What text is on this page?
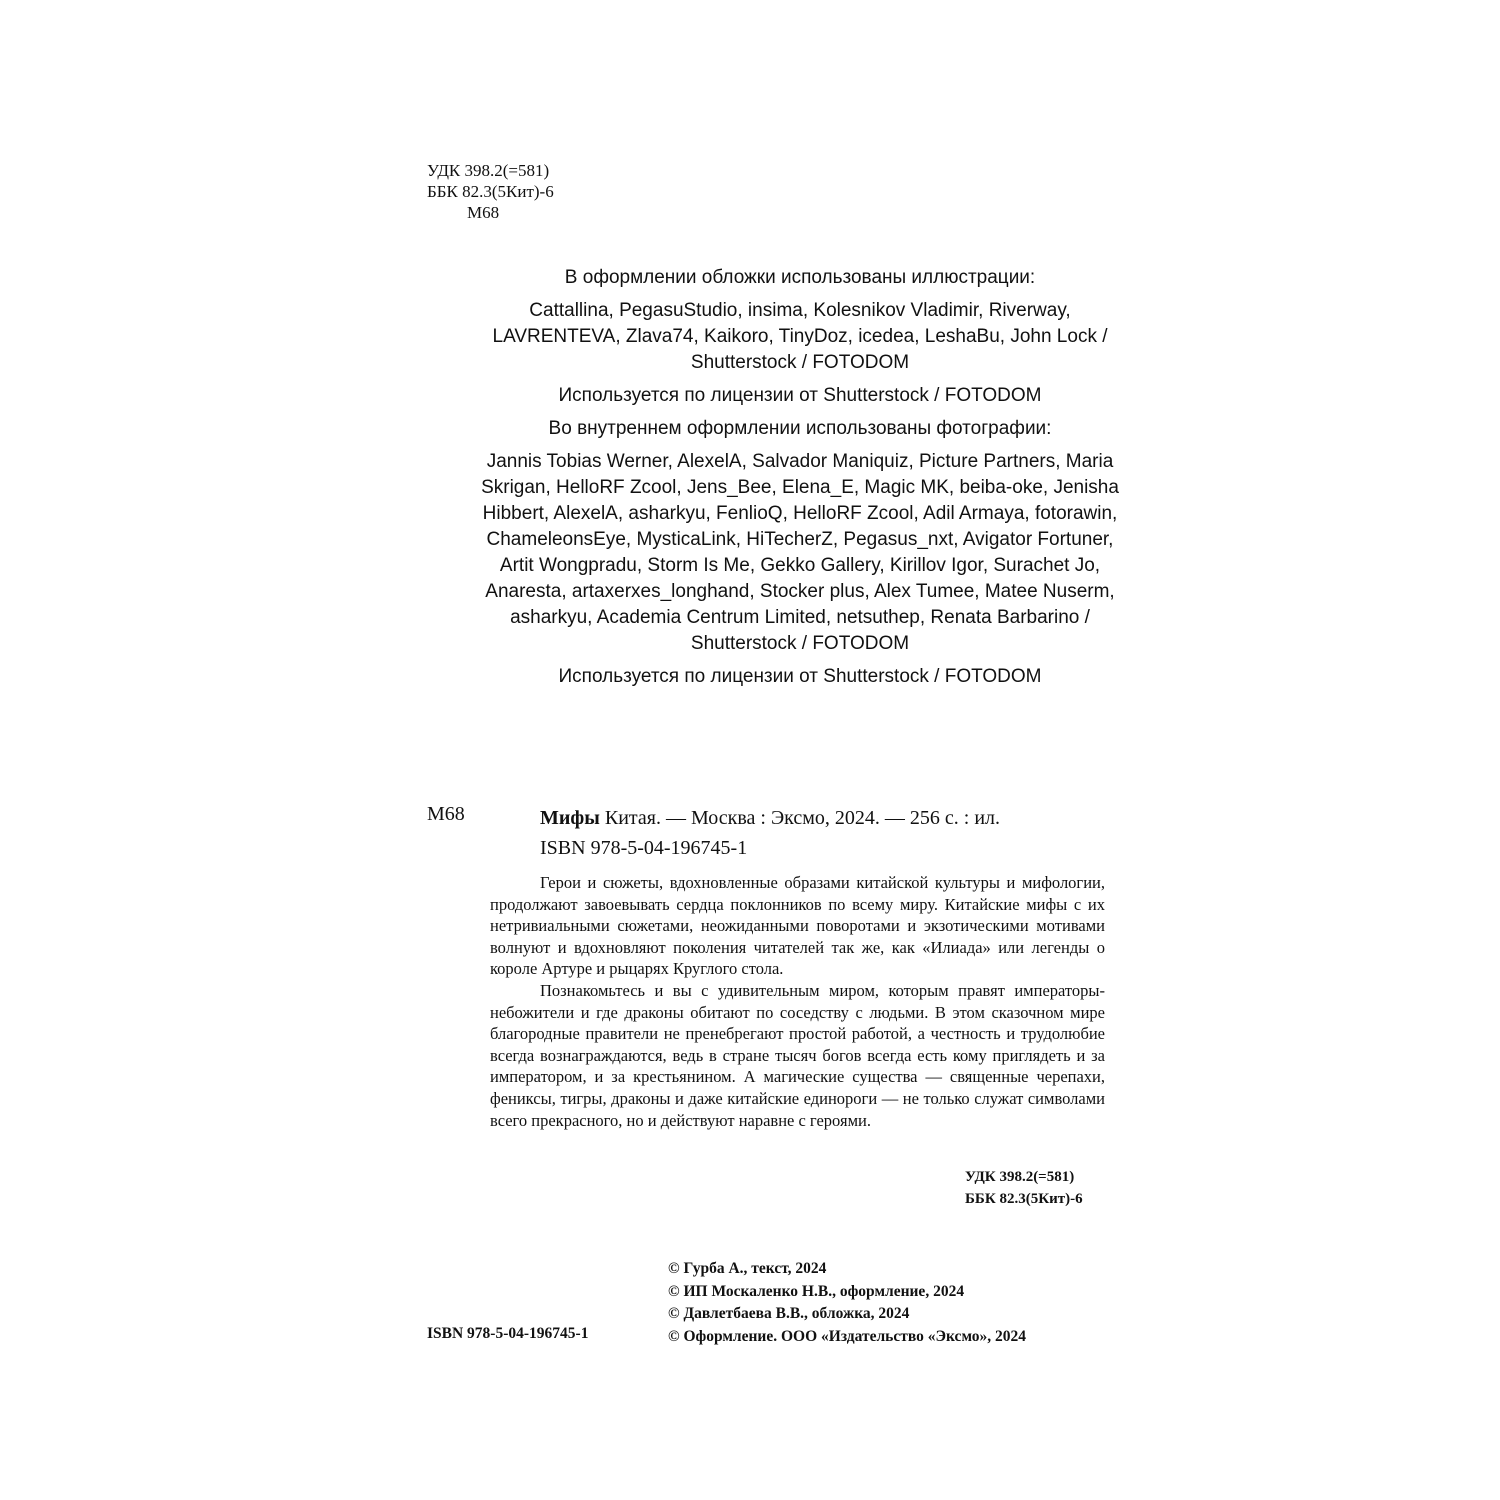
УДК 398.2(=581)
ББК 82.3(5Кит)-6
М68

В оформлении обложки использованы иллюстрации:

Cattallina, PegasuStudio, insima, Kolesnikov Vladimir, Riverway, LAVRENTEVA, Zlava74, Kaikoro, TinyDoz, icedea, LeshaBu, John Lock / Shutterstock / FOTODOM

Используется по лицензии от Shutterstock / FOTODOM

Во внутреннем оформлении использованы фотографии:

Jannis Tobias Werner, AlexelA, Salvador Maniquiz, Picture Partners, Maria Skrigan, HelloRF Zcool, Jens_Bee, Elena_E, Magic MK, beiba-oke, Jenisha Hibbert, AlexelA, asharkyu, FenlioQ, HelloRF Zcool, Adil Armaya, fotorawin, ChameleonsEye, MysticaLink, HiTecherZ, Pegasus_nxt, Avigator Fortuner, Artit Wongpradu, Storm Is Me, Gekko Gallery, Kirillov Igor, Surachet Jo, Anaresta, artaxerxes_longhand, Stocker plus, Alex Tumee, Matee Nuserm, asharkyu, Academia Centrum Limited, netsuthep, Renata Barbarino / Shutterstock / FOTODOM

Используется по лицензии от Shutterstock / FOTODOM

М68	Мифы Китая. — Москва : Эксмо, 2024. — 256 с. : ил.
ISBN 978-5-04-196745-1

Герои и сюжеты, вдохновленные образами китайской культуры и мифологии, продолжают завоевывать сердца поклонников по всему миру. Китайские мифы с их нетривиальными сюжетами, неожиданными поворотами и экзотическими мотивами волнуют и вдохновляют поколения читателей так же, как «Илиада» или легенды о короле Артуре и рыцарях Круглого стола.

Познакомьтесь и вы с удивительным миром, которым правят императоры-небожители и где драконы обитают по соседству с людьми. В этом сказочном мире благородные правители не пренебрегают простой работой, а честность и трудолюбие всегда вознаграждаются, ведь в стране тысяч богов всегда есть кому приглядеть и за императором, и за крестьянином. А магические существа — священные черепахи, фениксы, тигры, драконы и даже китайские единороги — не только служат символами всего прекрасного, но и действуют наравне с героями.

УДК 398.2(=581)
ББК 82.3(5Кит)-6
© Гурба А., текст, 2024
© ИП Москаленко Н.В., оформление, 2024
© Давлетбаева В.В., обложка, 2024
© Оформление. ООО «Издательство «Эксмо», 2024
ISBN 978-5-04-196745-1
